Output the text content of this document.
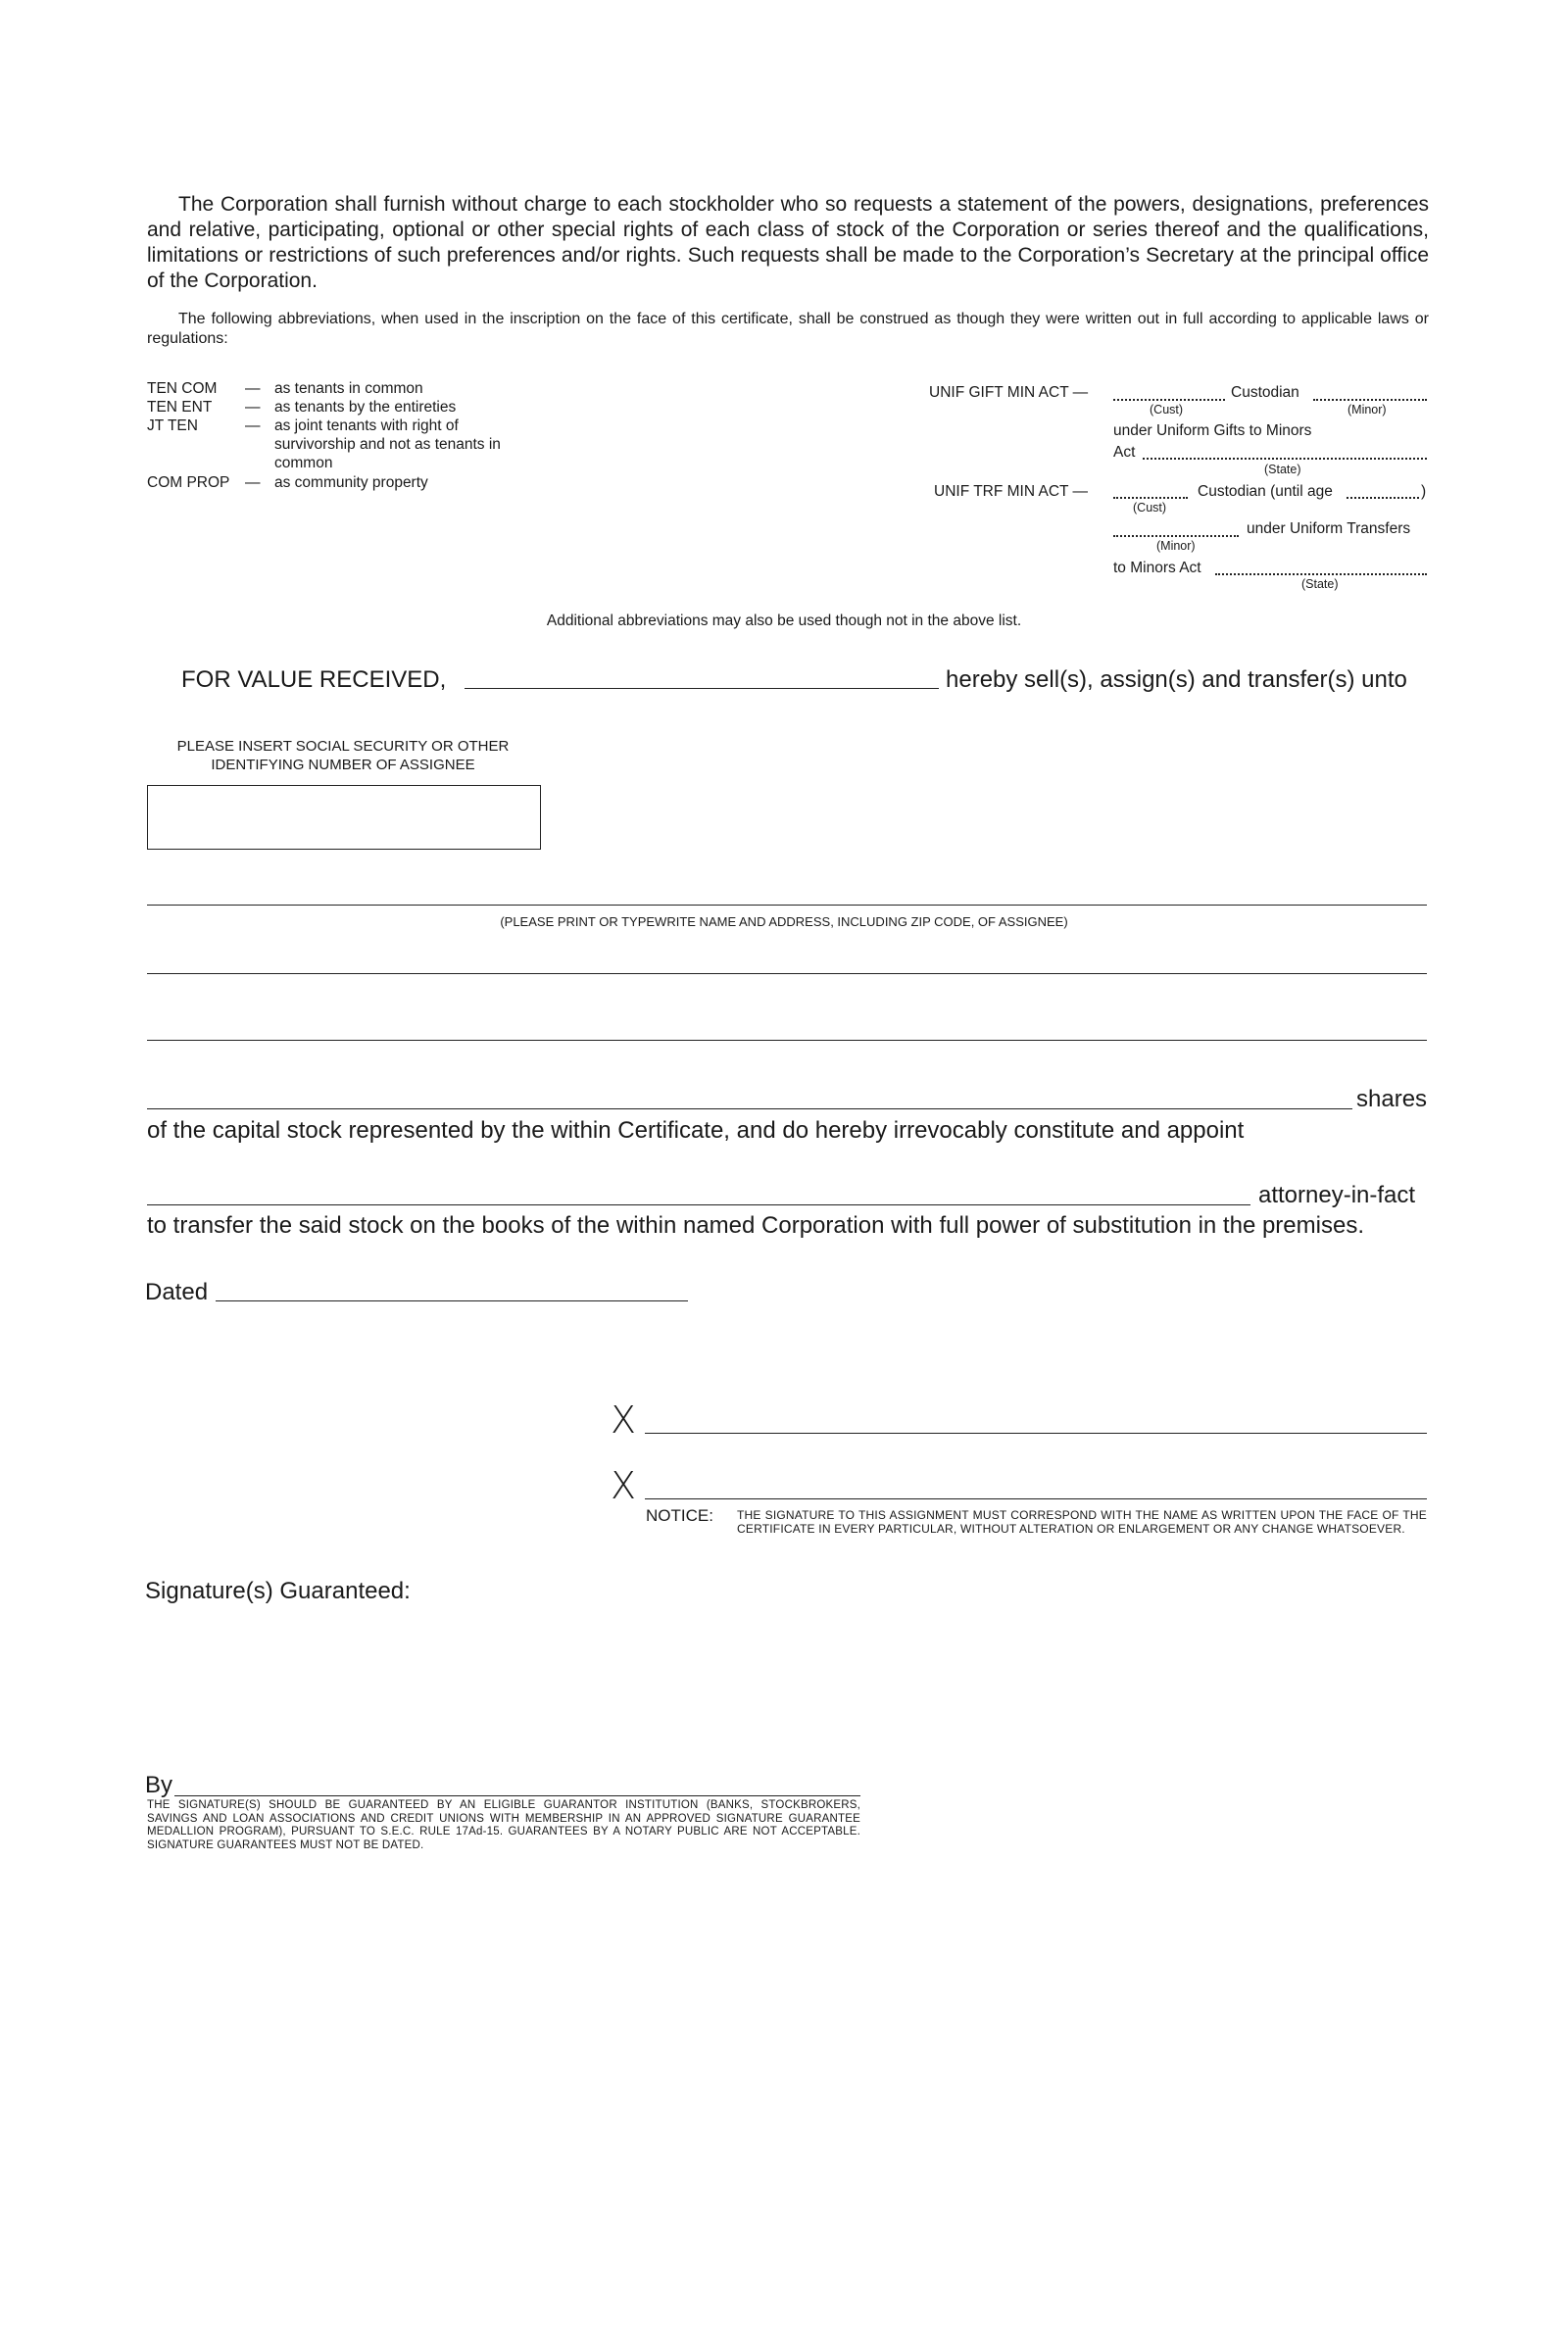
The Corporation shall furnish without charge to each stockholder who so requests a statement of the powers, designations, preferences and relative, participating, optional or other special rights of each class of stock of the Corporation or series thereof and the qualifications, limitations or restrictions of such preferences and/or rights. Such requests shall be made to the Corporation’s Secretary at the principal office of the Corporation.

The following abbreviations, when used in the inscription on the face of this certificate, shall be construed as though they were written out in full according to applicable laws or regulations:

TEN COM — as tenants in common
TEN ENT — as tenants by the entireties
JT TEN	— as joint tenants with right of survivorship and not as tenants in common
COM PROP — as community property
UNIF GIFT MIN ACT —	Custodian
(Cust)	(Minor)
under Uniform Gifts to Minors
Act
(State)
UNIF TRF MIN ACT —	Custodian (until age	)
(Cust)
under Uniform Transfers
(Minor)
to Minors Act
(State)
Additional abbreviations may also be used though not in the above list.
FOR VALUE RECEIVED,	hereby sell(s), assign(s) and transfer(s) unto
PLEASE INSERT SOCIAL SECURITY OR OTHER
IDENTIFYING NUMBER OF ASSIGNEE
(PLEASE PRINT OR TYPEWRITE NAME AND ADDRESS, INCLUDING ZIP CODE, OF ASSIGNEE)
shares
of the capital stock represented by the within Certificate, and do hereby irrevocably constitute and appoint
attorney-in-fact
to transfer the said stock on the books of the within named Corporation with full power of substitution in the premises.
Dated
X
X
NOTICE: THE SIGNATURE TO THIS ASSIGNMENT MUST CORRESPOND WITH THE NAME AS WRITTEN UPON THE FACE OF THE CERTIFICATE IN EVERY PARTICULAR, WITHOUT ALTERATION OR ENLARGEMENT OR ANY CHANGE WHATSOEVER.
Signature(s) Guaranteed:
By
THE SIGNATURE(S) SHOULD BE GUARANTEED BY AN ELIGIBLE GUARANTOR INSTITUTION (BANKS, STOCKBROKERS, SAVINGS AND LOAN ASSOCIATIONS AND CREDIT UNIONS WITH MEMBERSHIP IN AN APPROVED SIGNATURE GUARANTEE MEDALLION PROGRAM), PURSUANT TO S.E.C. RULE 17Ad-15. GUARANTEES BY A NOTARY PUBLIC ARE NOT ACCEPTABLE. SIGNATURE GUARANTEES MUST NOT BE DATED.
